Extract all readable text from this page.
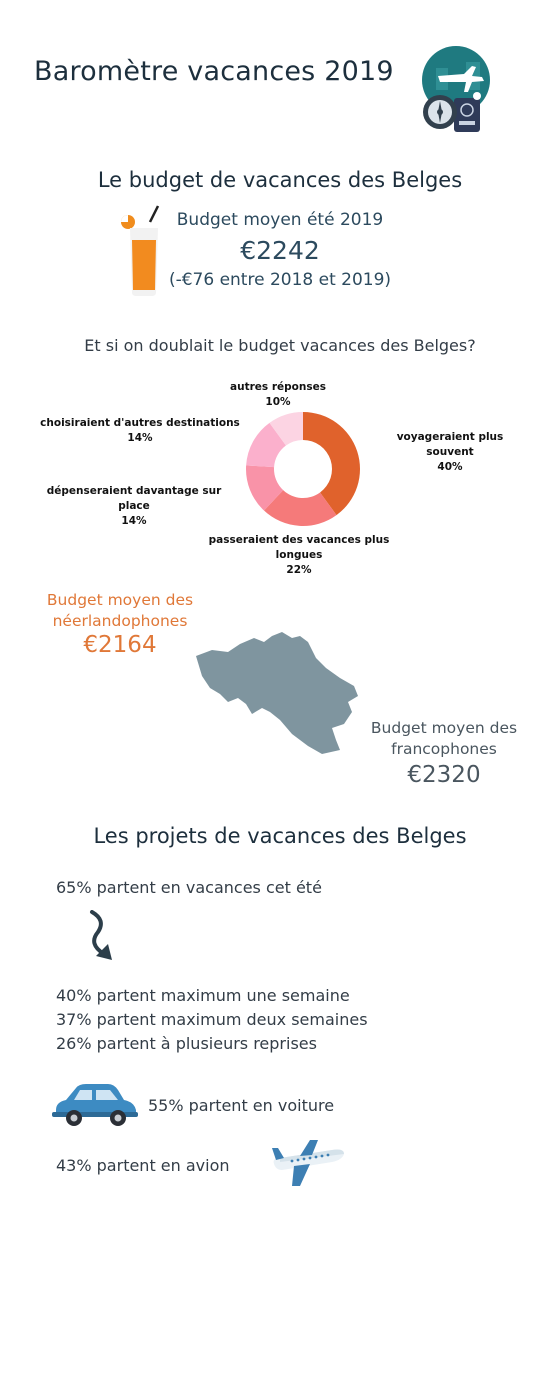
Baromètre vacances 2019
Le budget de vacances des Belges
Budget moyen été 2019
€2242
(-€76 entre 2018 et 2019)
Et si on doublait le budget vacances des Belges?
autres réponses
10%
choisiraient d'autres destinations
14%
dépenseraient davantage sur place
14%
passeraient des vacances plus longues
22%
voyageraient plus souvent
40%
Budget moyen des
néerlandophones
€2164
Budget moyen des
francophones
€2320
Les projets de vacances des Belges
65% partent en vacances cet été
40% partent maximum une semaine
37% partent maximum deux semaines
26% partent à plusieurs reprises
55% partent en voiture
43% partent en avion
